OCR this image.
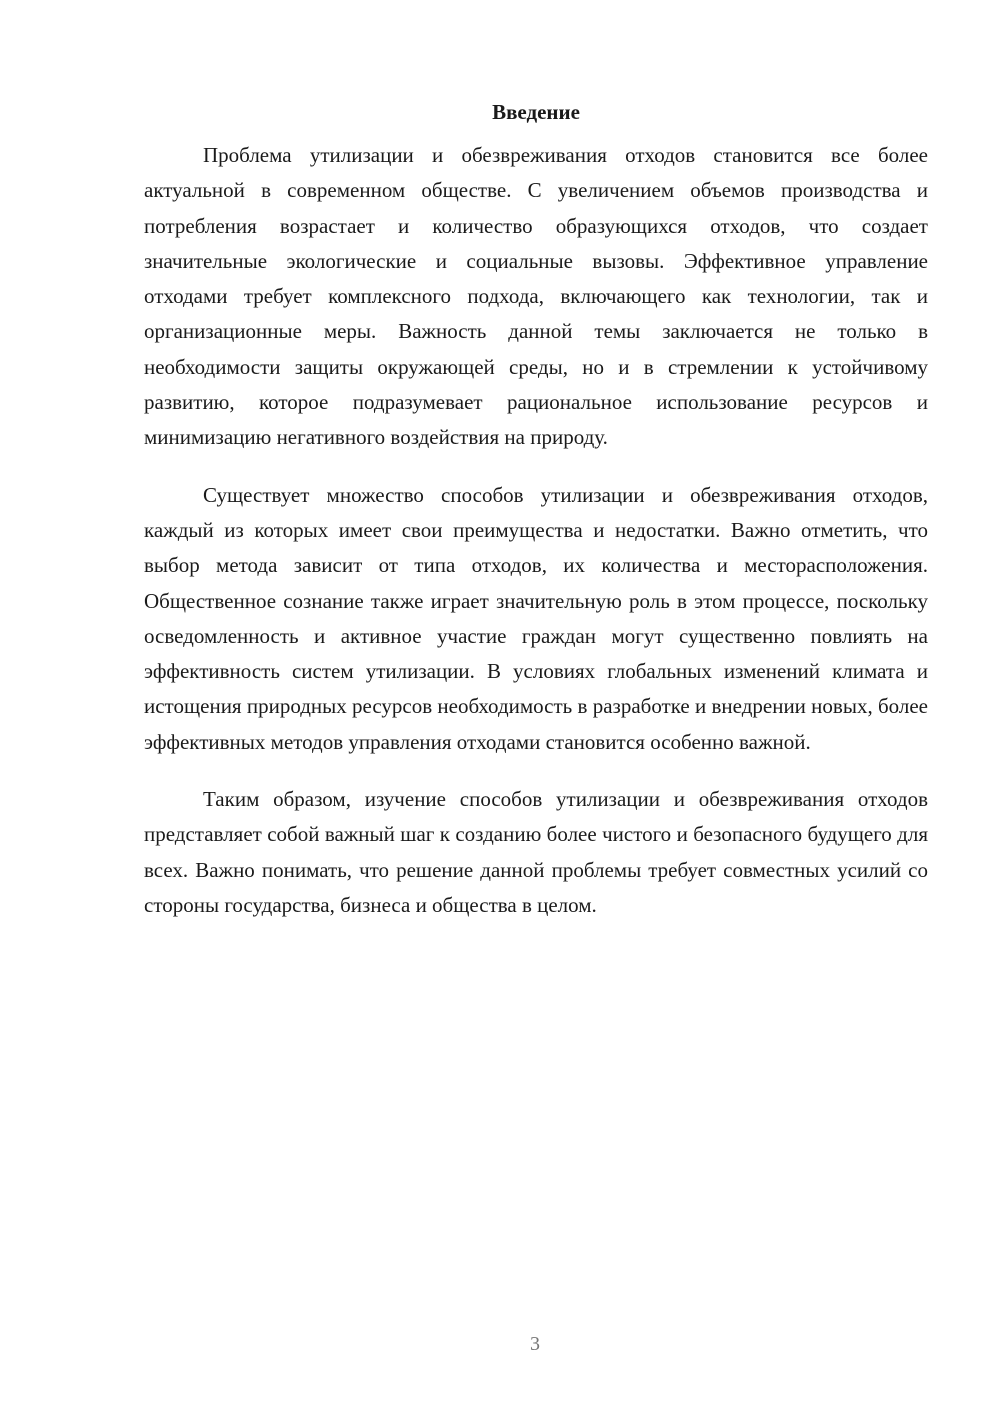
Введение

Проблема утилизации и обезвреживания отходов становится все более актуальной в современном обществе. С увеличением объемов производства и потребления возрастает и количество образующихся отходов, что создает значительные экологические и социальные вызовы. Эффективное управление отходами требует комплексного подхода, включающего как технологии, так и организационные меры. Важность данной темы заключается не только в необходимости защиты окружающей среды, но и в стремлении к устойчивому развитию, которое подразумевает рациональное использование ресурсов и минимизацию негативного воздействия на природу.

Существует множество способов утилизации и обезвреживания отходов, каждый из которых имеет свои преимущества и недостатки. Важно отметить, что выбор метода зависит от типа отходов, их количества и месторасположения. Общественное сознание также играет значительную роль в этом процессе, поскольку осведомленность и активное участие граждан могут существенно повлиять на эффективность систем утилизации. В условиях глобальных изменений климата и истощения природных ресурсов необходимость в разработке и внедрении новых, более эффективных методов управления отходами становится особенно важной.

Таким образом, изучение способов утилизации и обезвреживания отходов представляет собой важный шаг к созданию более чистого и безопасного будущего для всех. Важно понимать, что решение данной проблемы требует совместных усилий со стороны государства, бизнеса и общества в целом.

3
